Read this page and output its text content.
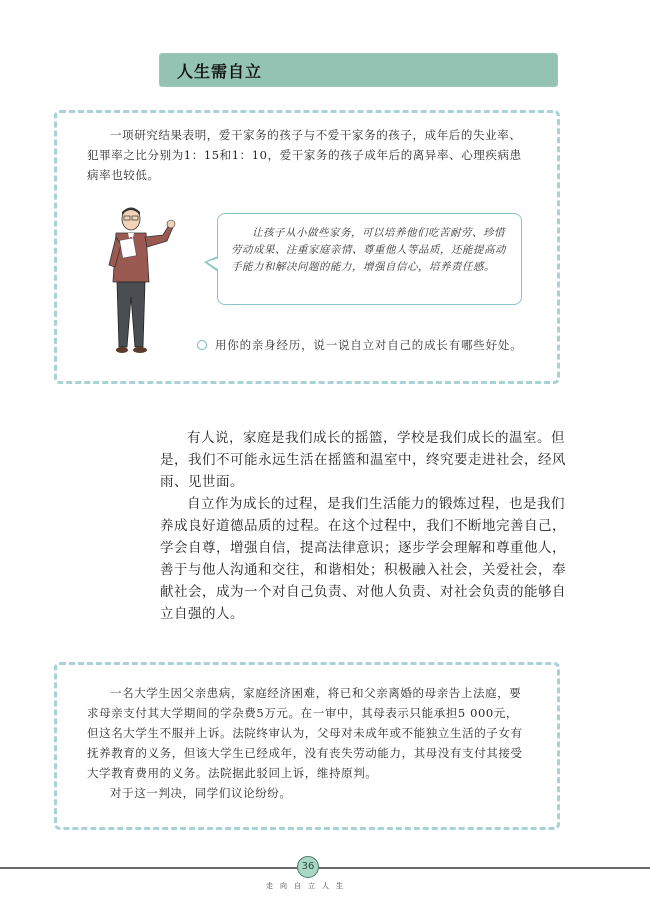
人生需自立
一项研究结果表明，爱干家务的孩子与不爱干家务的孩子，成年后的失业率、犯罪率之比分别为1：15和1：10，爱干家务的孩子成年后的离异率、心理疾病患病率也较低。
让孩子从小做些家务，可以培养他们吃苦耐劳、珍惜劳动成果、注重家庭亲情、尊重他人等品质，还能提高动手能力和解决问题的能力，增强自信心，培养责任感。
用你的亲身经历，说一说自立对自己的成长有哪些好处。

有人说，家庭是我们成长的摇篮，学校是我们成长的温室。但是，我们不可能永远生活在摇篮和温室中，终究要走进社会，经风雨、见世面。

自立作为成长的过程，是我们生活能力的锻炼过程，也是我们养成良好道德品质的过程。在这个过程中，我们不断地完善自己，学会自尊，增强自信，提高法律意识；逐步学会理解和尊重他人，善于与他人沟通和交往，和谐相处；积极融入社会，关爱社会，奉献社会，成为一个对自己负责、对他人负责、对社会负责的能够自立自强的人。

一名大学生因父亲患病，家庭经济困难，将已和父亲离婚的母亲告上法庭，要求母亲支付其大学期间的学杂费5万元。在一审中，其母表示只能承担5 000元，但这名大学生不服并上诉。法院终审认为，父母对未成年或不能独立生活的子女有抚养教育的义务，但该大学生已经成年，没有丧失劳动能力，其母没有支付其接受大学教育费用的义务。法院据此驳回上诉，维持原判。

对于这一判决，同学们议论纷纷。

36
走向自立人生
